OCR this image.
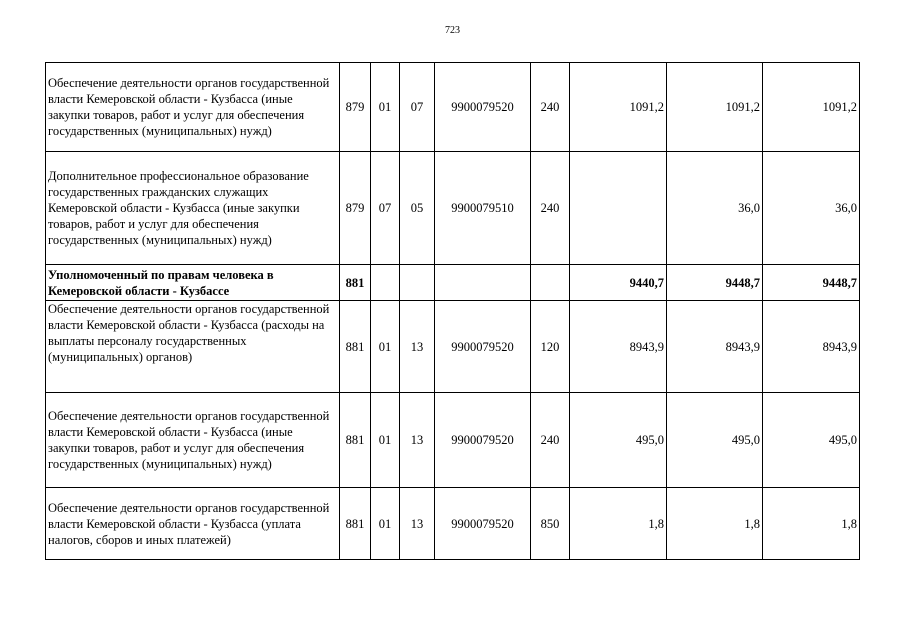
723
Обеспечение деятельности органов государственной власти Кемеровской области - Кузбасса (иные закупки товаров, работ и услуг для обеспечения государственных (муниципальных) нужд)	879	01	07	9900079520	240	1091,2	1091,2	1091,2
Дополнительное профессиональное образование государственных гражданских служащих Кемеровской области - Кузбасса (иные закупки товаров, работ и услуг для обеспечения государственных (муниципальных) нужд)	879	07	05	9900079510	240		36,0	36,0
Уполномоченный по правам человека в Кемеровской области - Кузбассе	881					9440,7	9448,7	9448,7
Обеспечение деятельности органов государственной власти Кемеровской области - Кузбасса (расходы на выплаты персоналу государственных (муниципальных) органов)	881	01	13	9900079520	120	8943,9	8943,9	8943,9
Обеспечение деятельности органов государственной власти Кемеровской области - Кузбасса (иные закупки товаров, работ и услуг для обеспечения государственных (муниципальных) нужд)	881	01	13	9900079520	240	495,0	495,0	495,0
Обеспечение деятельности органов государственной власти Кемеровской области - Кузбасса (уплата налогов, сборов и иных платежей)	881	01	13	9900079520	850	1,8	1,8	1,8
